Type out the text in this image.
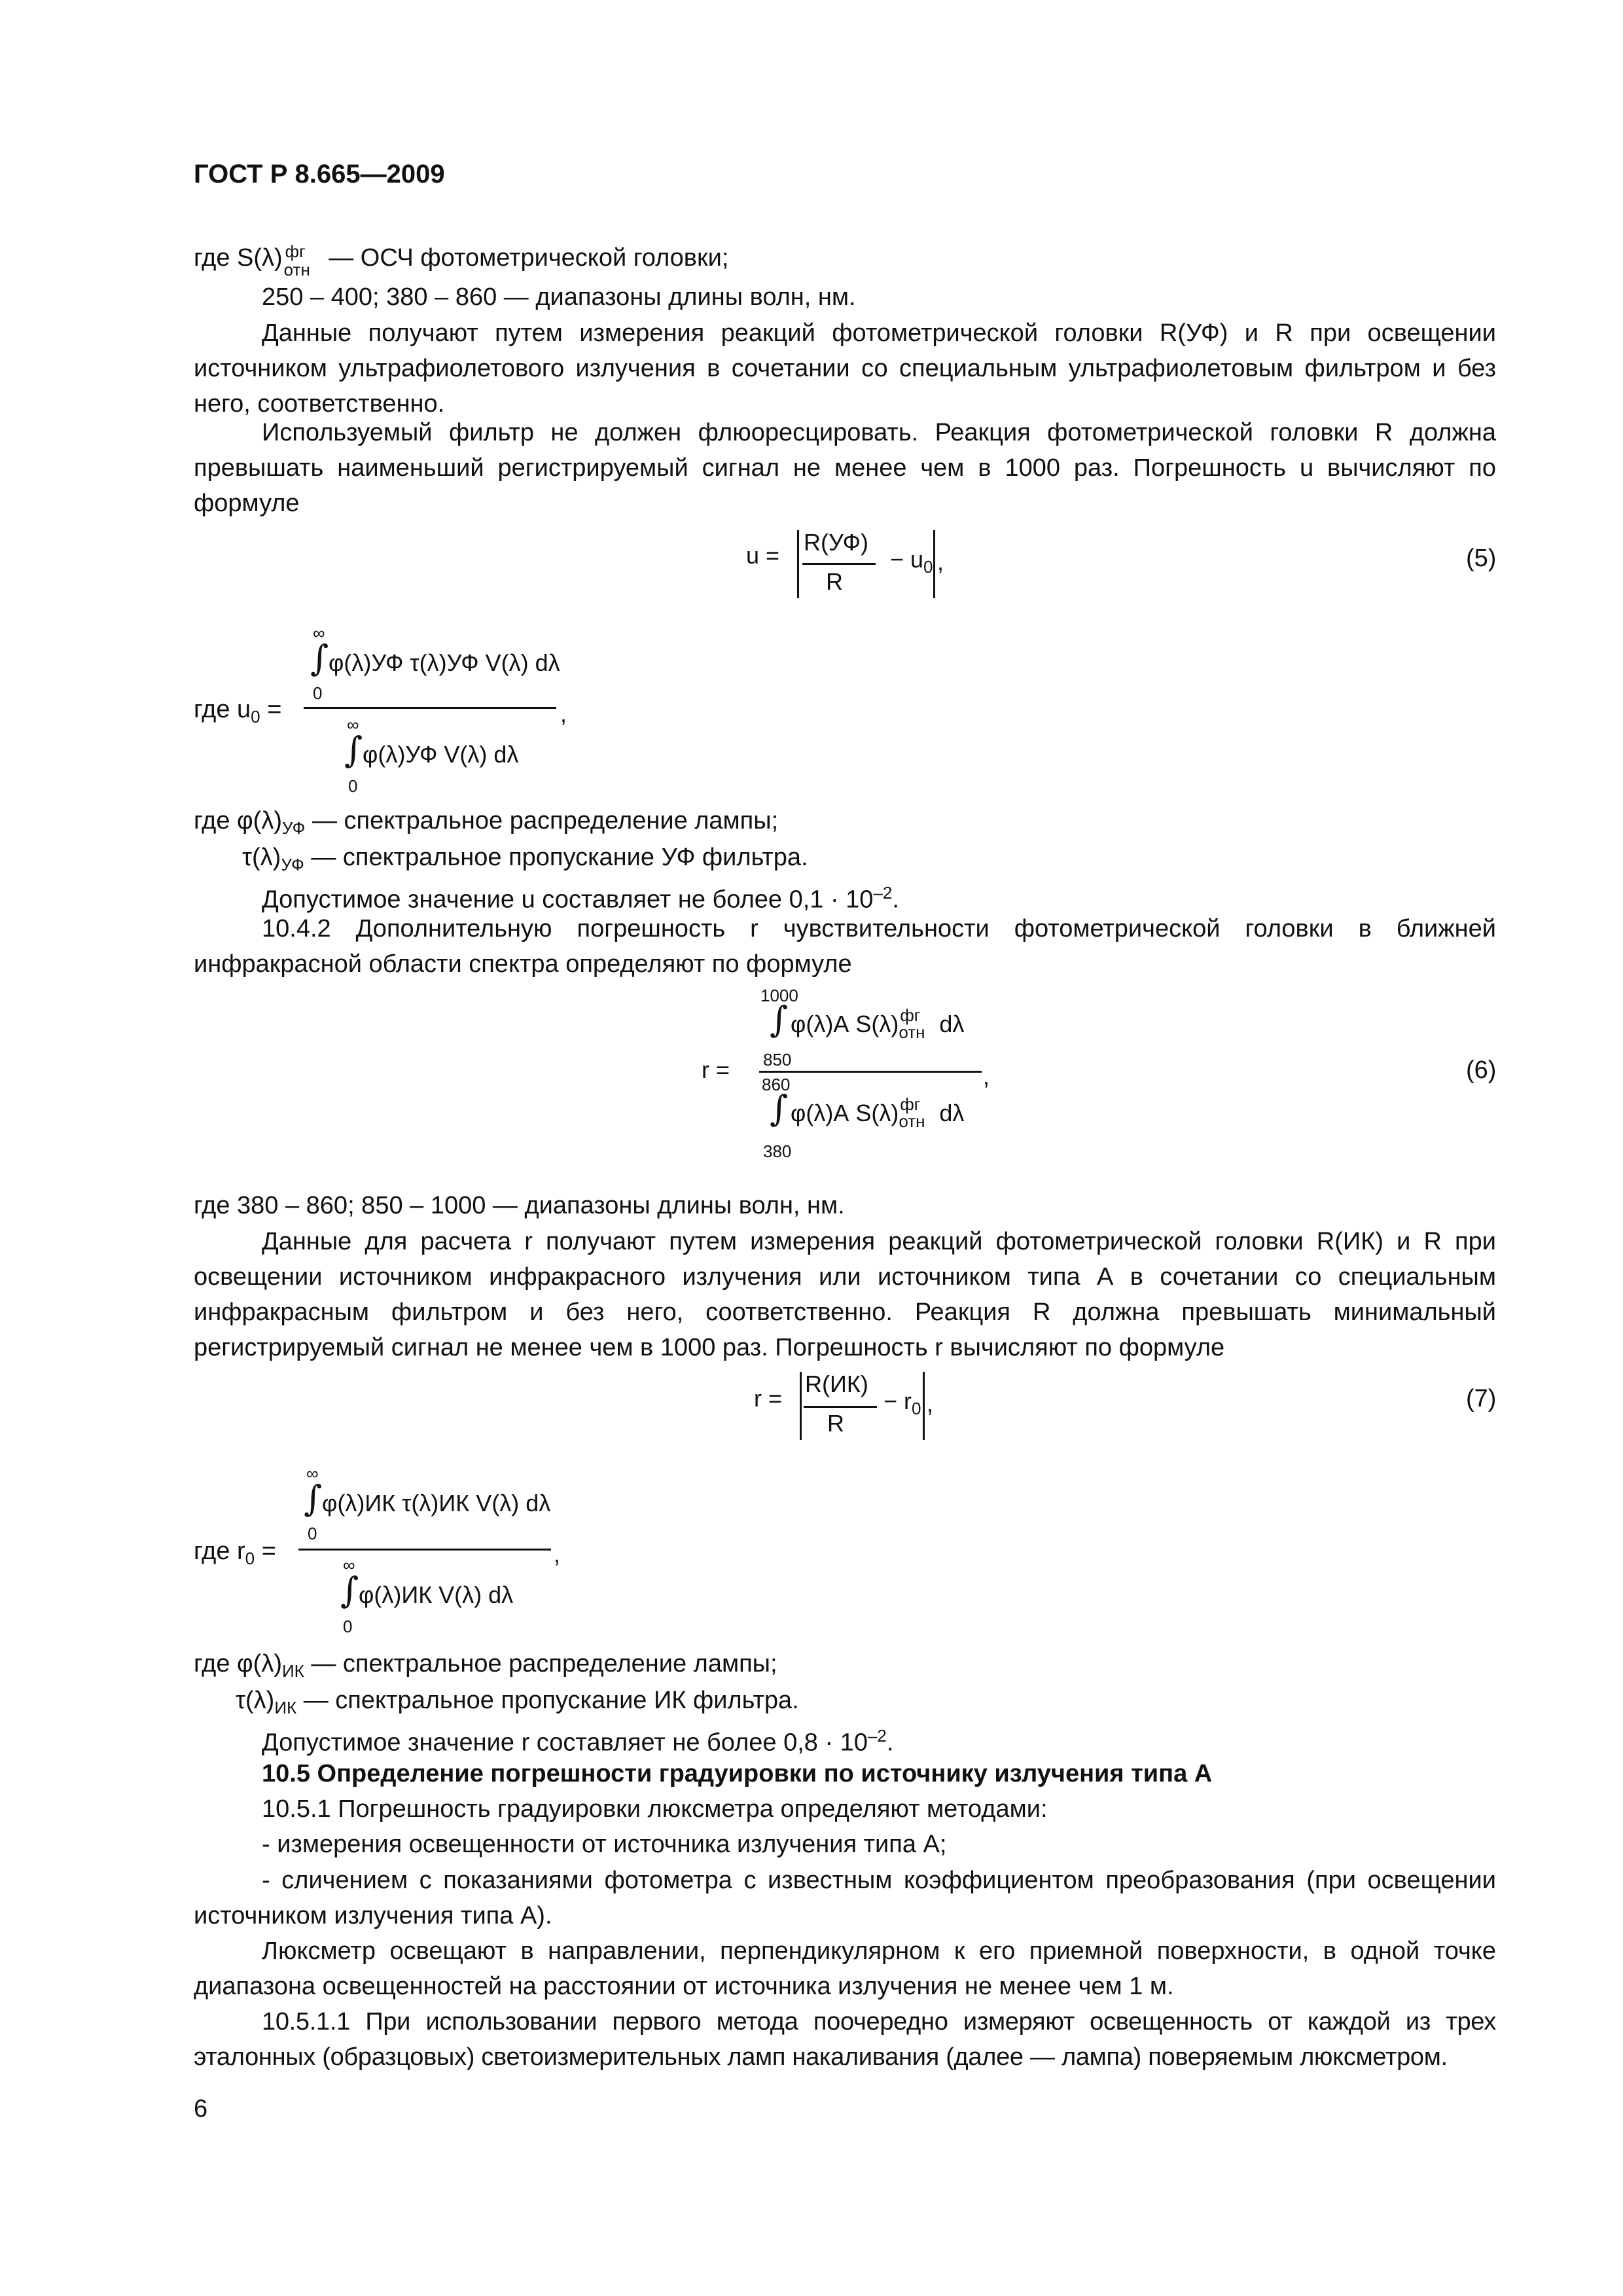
ГОСТ Р 8.665—2009
где S(λ) фг
отн — ОСЧ фотометрической головки;
250 – 400; 380 – 860 — диапазоны длины волн, нм.
Данные получают путем измерения реакций фотометрической головки R(УФ) и R при освещении источником ультрафиолетового излучения в сочетании со специальным ультрафиолетовым фильтром и без него, соответственно.
Используемый фильтр не должен флюоресцировать. Реакция фотометрической головки R должна превышать наименьший регистрируемый сигнал не менее чем в 1000 раз. Погрешность u вычисляют по формуле
u = R(УФ)
R
− $u_0$ ,	(5)
где $u_0$ =
∞
∫ φ(λ)УФ τ(λ)УФ V(λ) dλ
0
,
∞
∫ φ(λ)УФ V(λ) dλ
0
где $\varphi(\lambda)_{УФ}$ — спектральное распределение лампы;
$\tau(\lambda)_{УФ}$ — спектральное пропускание УФ фильтра.
Допустимое значение u составляет не более $0,1 \cdot 10^{-2}$.
10.4.2 Дополнительную погрешность r чувствительности фотометрической головки в ближней инфракрасной области спектра определяют по формуле
r =
1000
∫ φ(λ)А S(λ) фг
отн dλ
850
,
860
∫ φ(λ)А S(λ) фг
отн dλ
380
(6)
где 380 – 860; 850 – 1000 — диапазоны длины волн, нм.
Данные для расчета r получают путем измерения реакций фотометрической головки R(ИК) и R при освещении источником инфракрасного излучения или источником типа А в сочетании со специальным инфракрасным фильтром и без него, соответственно. Реакция R должна превышать минимальный регистрируемый сигнал не менее чем в 1000 раз. Погрешность r вычисляют по формуле
r =
R(ИК)
R
− $r_0$ ,	(7)
где $r_0$ =
∞
∫ φ(λ)ИК τ(λ)ИК V(λ) dλ
0
,
∞
∫ φ(λ)ИК V(λ) dλ
0
где $\varphi(\lambda)_{ИК}$ — спектральное распределение лампы;
$\tau(\lambda)_{ИК}$ — спектральное пропускание ИК фильтра.
Допустимое значение r составляет не более $0,8 \cdot 10^{-2}$.
10.5 Определение погрешности градуировки по источнику излучения типа А
10.5.1 Погрешность градуировки люксметра определяют методами:
- измерения освещенности от источника излучения типа А;
- сличением с показаниями фотометра с известным коэффициентом преобразования (при освещении источником излучения типа А).
Люксметр освещают в направлении, перпендикулярном к его приемной поверхности, в одной точке диапазона освещенностей на расстоянии от источника излучения не менее чем 1 м.
10.5.1.1 При использовании первого метода поочередно измеряют освещенность от каждой из трех эталонных (образцовых) светоизмерительных ламп накаливания (далее — лампа) поверяемым люксметром.
6
